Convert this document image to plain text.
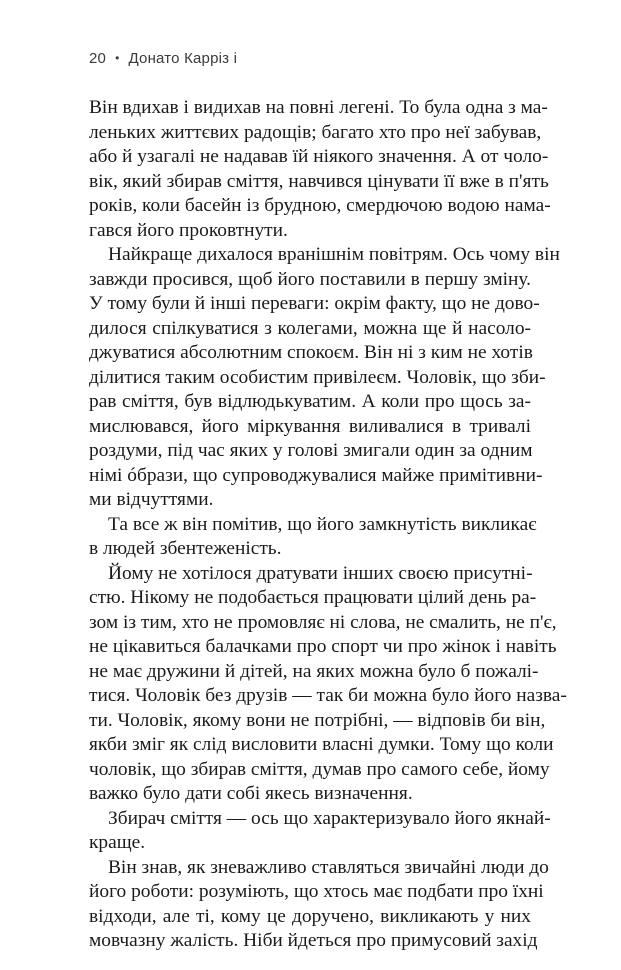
20 • Донато Карріз і
Він вдихав і видихав на повні легені. То була одна з ма-
леньких життєвих радощів; багато хто про неї забував,
або й узагалі не надавав їй ніякого значення. А от чоло-
вік, який збирав сміття, навчився цінувати її вже в п'ять
років, коли басейн із брудною, смердючою водою нама-
гався його проковтнути.
Найкраще дихалося вранішнім повітрям. Ось чому він
завжди просився, щоб його поставили в першу зміну.
У тому були й інші переваги: окрім факту, що не дово-
дилося спілкуватися з колегами, можна ще й насоло-
джуватися абсолютним спокоєм. Він ні з ким не хотів
ділитися таким особистим привілеєм. Чоловік, що зби-
рав сміття, був відлюдькуватим. А коли про щось за-
мислювався, його міркування виливалися в тривалі
роздуми, під час яких у голові змигали один за одним
німі óбрази, що супроводжувалися майже примітивни-
ми відчуттями.
Та все ж він помітив, що його замкнутість викликає
в людей збентеженість.
Йому не хотілося дратувати інших своєю присутні-
стю. Нікому не подобається працювати цілий день ра-
зом із тим, хто не промовляє ні слова, не смалить, не п'є,
не цікавиться балачками про спорт чи про жінок і навіть
не має дружини й дітей, на яких можна було б пожалі-
тися. Чоловік без друзів — так би можна було його назва-
ти. Чоловік, якому вони не потрібні, — відповів би він,
якби зміг як слід висловити власні думки. Тому що коли
чоловік, що збирав сміття, думав про самого себе, йому
важко було дати собі якесь визначення.
Збирач сміття — ось що характеризувало його якнай-
краще.
Він знав, як зневажливо ставляться звичайні люди до
його роботи: розуміють, що хтось має подбати про їхні
відходи, але ті, кому це доручено, викликають у них
мовчазну жалість. Ніби йдеться про примусовий захід
